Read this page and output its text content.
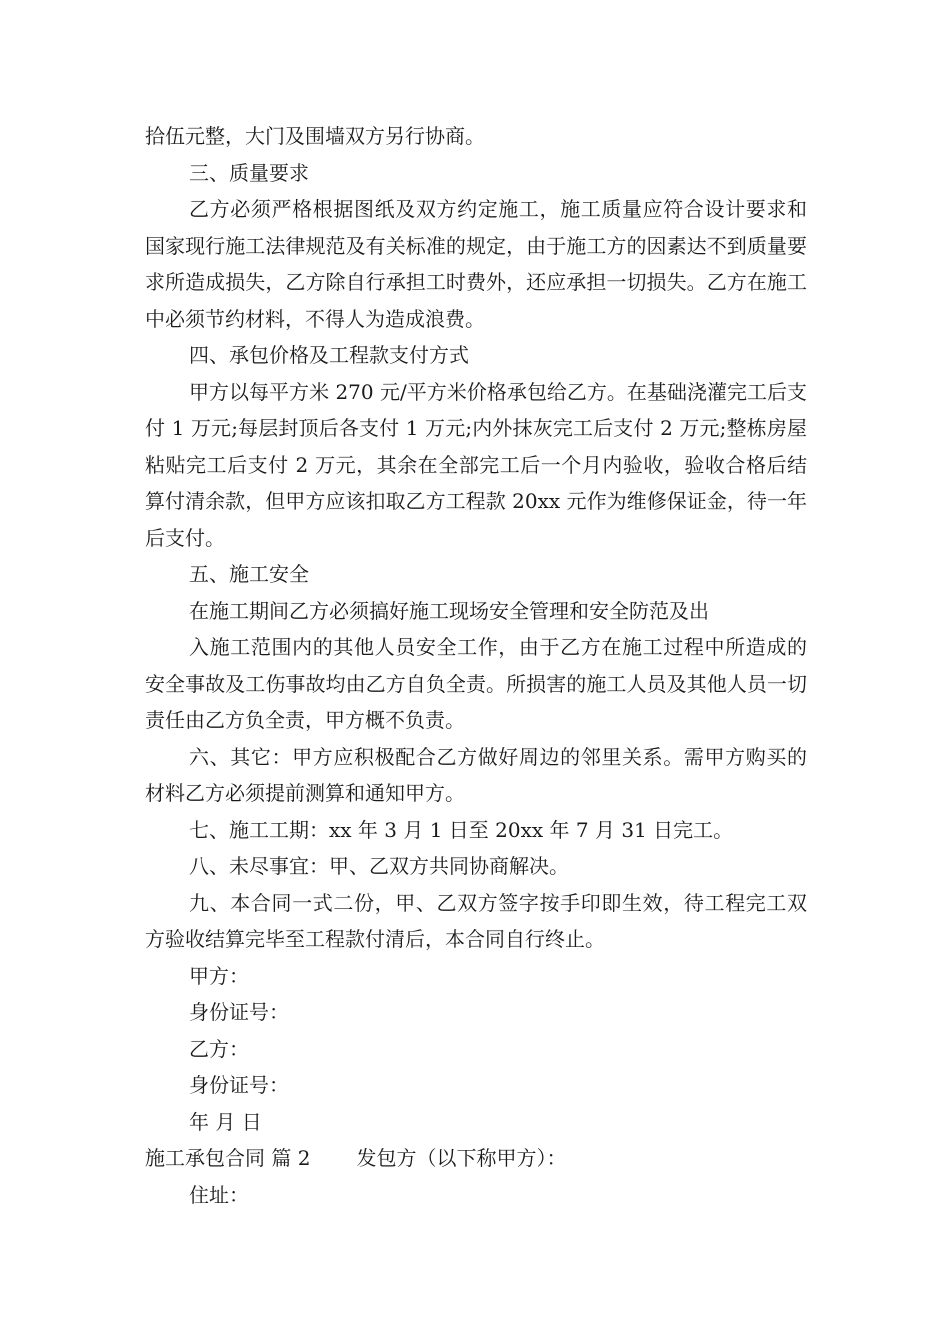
拾伍元整，大门及围墙双方另行协商。

三、质量要求

乙方必须严格根据图纸及双方约定施工，施工质量应符合设计要求和国家现行施工法律规范及有关标准的规定，由于施工方的因素达不到质量要求所造成损失，乙方除自行承担工时费外，还应承担一切损失。乙方在施工中必须节约材料，不得人为造成浪费。

四、承包价格及工程款支付方式

甲方以每平方米 270 元/平方米价格承包给乙方。在基础浇灌完工后支付 1 万元;每层封顶后各支付 1 万元;内外抹灰完工后支付 2 万元;整栋房屋粘贴完工后支付 2 万元，其余在全部完工后一个月内验收，验收合格后结算付清余款，但甲方应该扣取乙方工程款 20xx 元作为维修保证金，待一年后支付。

五、施工安全

在施工期间乙方必须搞好施工现场安全管理和安全防范及出

入施工范围内的其他人员安全工作，由于乙方在施工过程中所造成的安全事故及工伤事故均由乙方自负全责。所损害的施工人员及其他人员一切责任由乙方负全责，甲方概不负责。

六、其它：甲方应积极配合乙方做好周边的邻里关系。需甲方购买的材料乙方必须提前测算和通知甲方。

七、施工工期：xx 年 3 月 1 日至 20xx 年 7 月 31 日完工。

八、未尽事宜：甲、乙双方共同协商解决。

九、本合同一式二份，甲、乙双方签字按手印即生效，待工程完工双方验收结算完毕至工程款付清后，本合同自行终止。

甲方：

身份证号：

乙方：

身份证号：

年 月 日

施工承包合同 篇 2 发包方（以下称甲方）：

住址：
